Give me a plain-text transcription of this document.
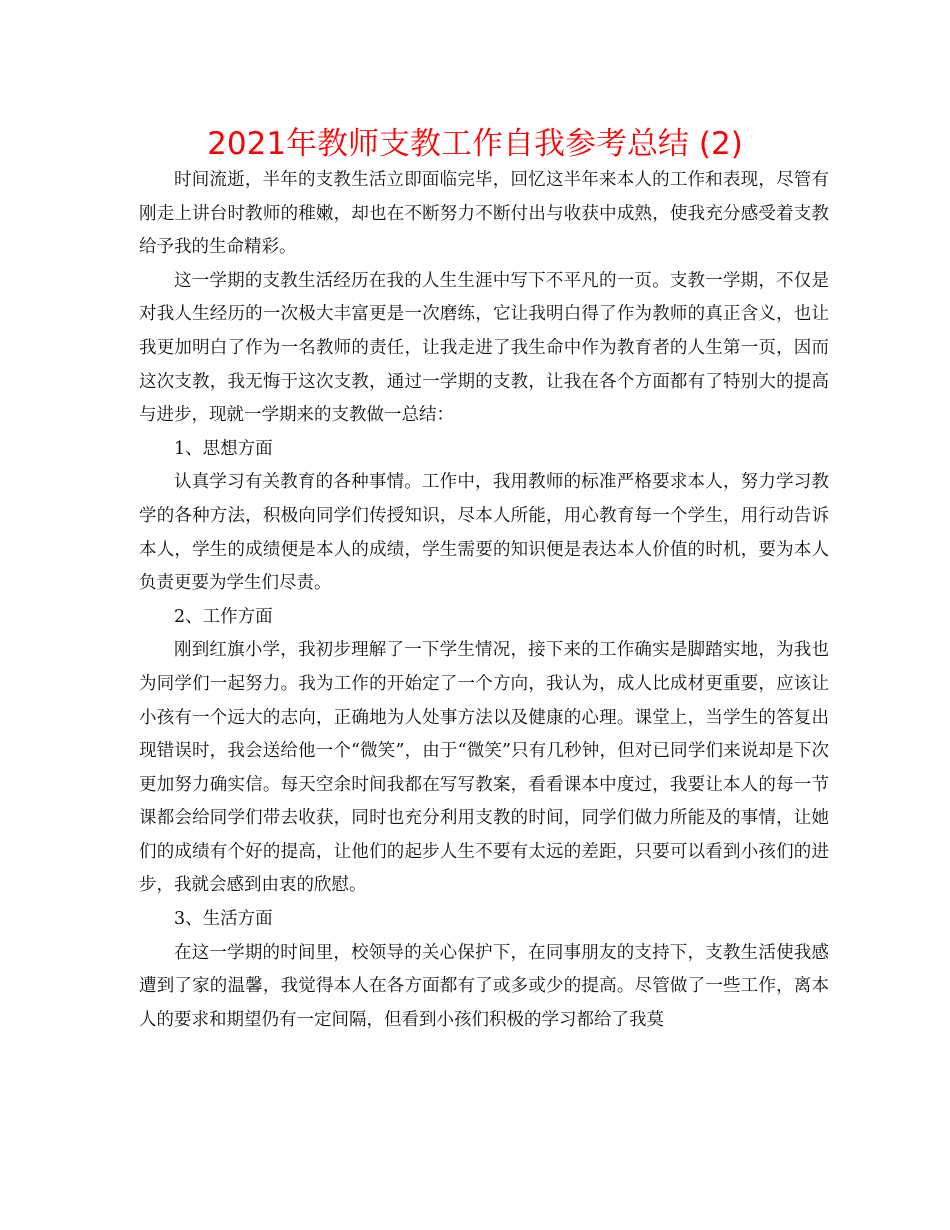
2021年教师支教工作自我参考总结 (2)

时间流逝，半年的支教生活立即面临完毕，回忆这半年来本人的工作和表现，尽管有刚走上讲台时教师的稚嫩，却也在不断努力不断付出与收获中成熟，使我充分感受着支教给予我的生命精彩。

这一学期的支教生活经历在我的人生生涯中写下不平凡的一页。支教一学期，不仅是对我人生经历的一次极大丰富更是一次磨练，它让我明白得了作为教师的真正含义，也让我更加明白了作为一名教师的责任，让我走进了我生命中作为教育者的人生第一页，因而这次支教，我无悔于这次支教，通过一学期的支教，让我在各个方面都有了特别大的提高与进步，现就一学期来的支教做一总结：

1、思想方面

认真学习有关教育的各种事情。工作中，我用教师的标准严格要求本人，努力学习教学的各种方法，积极向同学们传授知识，尽本人所能，用心教育每一个学生，用行动告诉本人，学生的成绩便是本人的成绩，学生需要的知识便是表达本人价值的时机，要为本人负责更要为学生们尽责。

2、工作方面

刚到红旗小学，我初步理解了一下学生情况，接下来的工作确实是脚踏实地，为我也为同学们一起努力。我为工作的开始定了一个方向，我认为，成人比成材更重要，应该让小孩有一个远大的志向，正确地为人处事方法以及健康的心理。课堂上，当学生的答复出现错误时，我会送给他一个“微笑”，由于“微笑”只有几秒钟，但对已同学们来说却是下次更加努力确实信。每天空余时间我都在写写教案，看看课本中度过，我要让本人的每一节课都会给同学们带去收获，同时也充分利用支教的时间，同学们做力所能及的事情，让她们的成绩有个好的提高，让他们的起步人生不要有太远的差距，只要可以看到小孩们的进步，我就会感到由衷的欣慰。

3、生活方面

在这一学期的时间里，校领导的关心保护下，在同事朋友的支持下，支教生活使我感遭到了家的温馨，我觉得本人在各方面都有了或多或少的提高。尽管做了一些工作，离本人的要求和期望仍有一定间隔，但看到小孩们积极的学习都给了我莫
